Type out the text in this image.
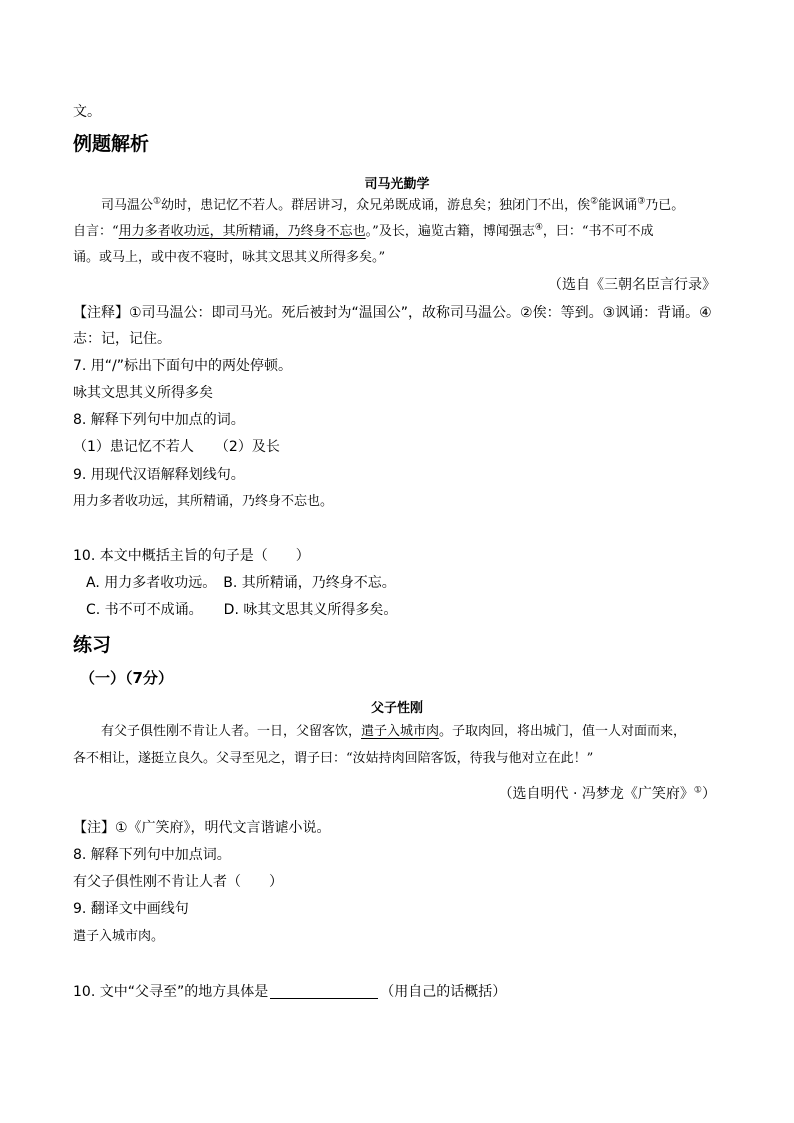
文。
例题解析
司马光勤学
司马温公①幼时，患记忆不若人。群居讲习，众兄弟既成诵，游息矣；独闭门不出，俟②能讽诵③乃已。
自言：“用力多者收功远，其所精诵，乃终身不忘也。”及长，遍览古籍，博闻强志④，曰：“书不可不成
诵。或马上，或中夜不寝时，咏其文思其义所得多矣。”
（选自《三朝名臣言行录》
【注释】①司马温公：即司马光。死后被封为“温国公”，故称司马温公。②俟：等到。③讽诵：背诵。④
志：记，记住。
7. 用“/”标出下面句中的两处停顿。
咏其文思其义所得多矣
8. 解释下列句中加点的词。
（1）患记忆不若人　　（2）及长
9. 用现代汉语解释划线句。
用力多者收功远，其所精诵，乃终身不忘也。
10. 本文中概括主旨的句子是（　　）
A. 用力多者收功远。　B. 其所精诵，乃终身不忘。
C. 书不可不成诵。　　D. 咏其文思其义所得多矣。
练习
（一）（7分）
父子性刚
有父子俱性刚不肯让人者。一日，父留客饮，遣子入城市肉。子取肉回，将出城门，值一人对面而来，
各不相让，遂挺立良久。父寻至见之，谓子曰：“汝姑持肉回陪客饭，待我与他对立在此！”
（选自明代 · 冯梦龙《广笑府》①）
【注】①《广笑府》，明代文言谐谑小说。
8. 解释下列句中加点词。
有父子俱性刚不肯让人者（　　）
9. 翻译文中画线句
遣子入城市肉。
10. 文中“父寻至”的地方具体是	（用自己的话概括）
